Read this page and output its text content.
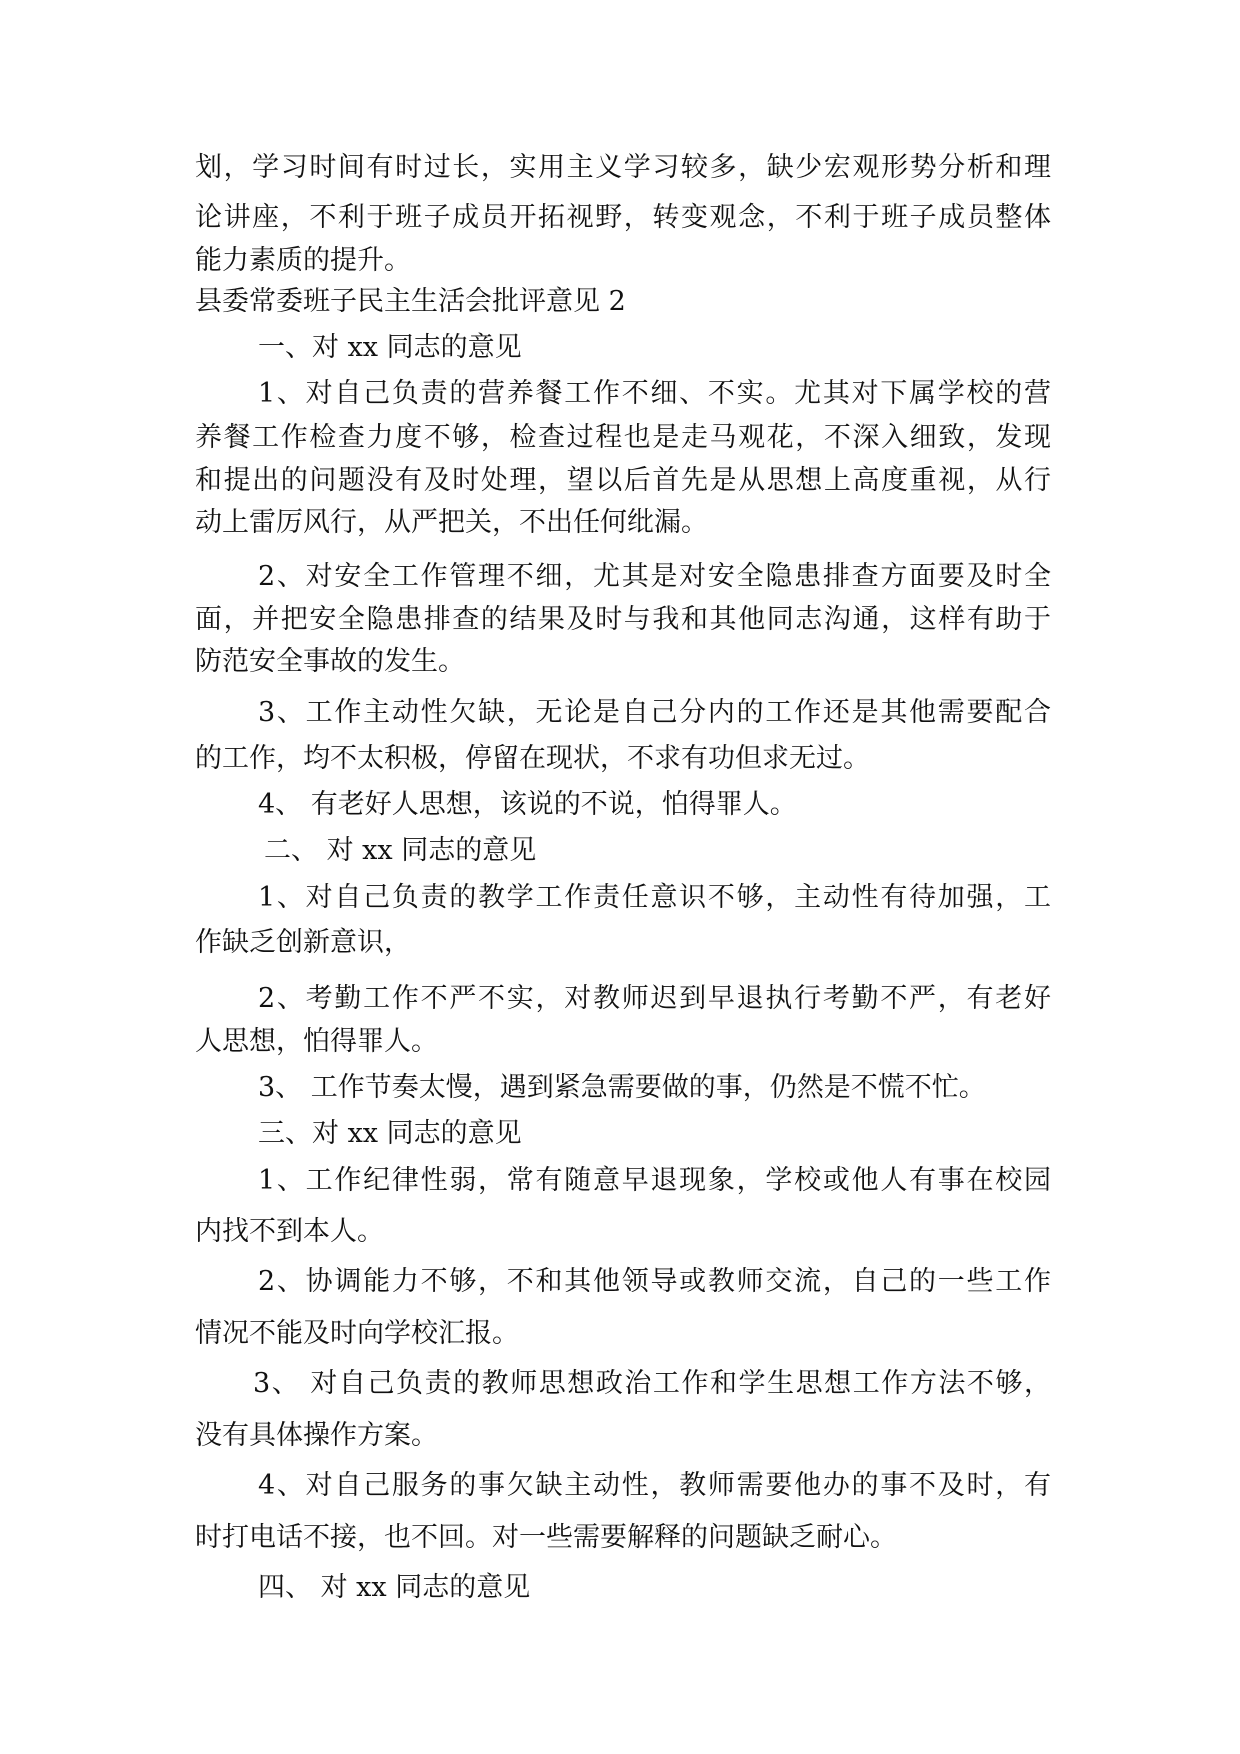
划，学习时间有时过长，实用主义学习较多，缺少宏观形势分析和理
论讲座，不利于班子成员开拓视野，转变观念，不利于班子成员整体
能力素质的提升。
县委常委班子民主生活会批评意见 2
一、对 xx 同志的意见
1、对自己负责的营养餐工作不细、不实。尤其对下属学校的营
养餐工作检查力度不够，检查过程也是走马观花，不深入细致，发现
和提出的问题没有及时处理，望以后首先是从思想上高度重视，从行
动上雷厉风行，从严把关，不出任何纰漏。
2、对安全工作管理不细，尤其是对安全隐患排查方面要及时全
面，并把安全隐患排查的结果及时与我和其他同志沟通，这样有助于
防范安全事故的发生。
3、工作主动性欠缺，无论是自己分内的工作还是其他需要配合
的工作，均不太积极，停留在现状，不求有功但求无过。
4、 有老好人思想，该说的不说，怕得罪人。
二、 对 xx 同志的意见
1、对自己负责的教学工作责任意识不够，主动性有待加强，工
作缺乏创新意识，
2、考勤工作不严不实，对教师迟到早退执行考勤不严，有老好
人思想，怕得罪人。
3、 工作节奏太慢，遇到紧急需要做的事，仍然是不慌不忙。
三、对 xx 同志的意见
1、工作纪律性弱，常有随意早退现象，学校或他人有事在校园
内找不到本人。
2、协调能力不够，不和其他领导或教师交流，自己的一些工作
情况不能及时向学校汇报。
3、 对自己负责的教师思想政治工作和学生思想工作方法不够，
没有具体操作方案。
4、对自己服务的事欠缺主动性，教师需要他办的事不及时，有
时打电话不接，也不回。对一些需要解释的问题缺乏耐心。
四、 对 xx 同志的意见
